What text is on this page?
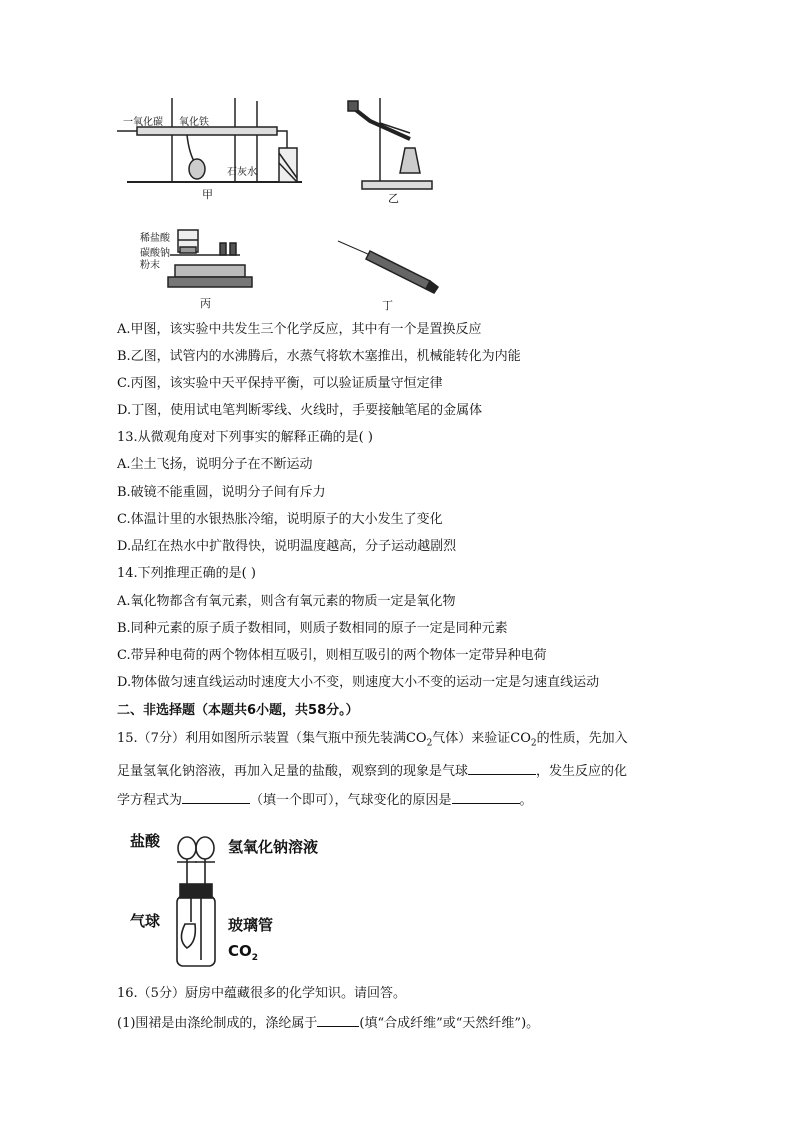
一氧化碳 氧化铁
石灰水
甲	乙
稀盐酸
碳酸钠
粉末
丙	丁
A.甲图，该实验中共发生三个化学反应，其中有一个是置换反应
B.乙图，试管内的水沸腾后，水蒸气将软木塞推出，机械能转化为内能
C.丙图，该实验中天平保持平衡，可以验证质量守恒定律
D.丁图，使用试电笔判断零线、火线时，手要接触笔尾的金属体
13.从微观角度对下列事实的解释正确的是( )
A.尘土飞扬，说明分子在不断运动
B.破镜不能重圆，说明分子间有斥力
C.体温计里的水银热胀冷缩，说明原子的大小发生了变化
D.品红在热水中扩散得快，说明温度越高，分子运动越剧烈
14.下列推理正确的是( )
A.氧化物都含有氧元素，则含有氧元素的物质一定是氧化物
B.同种元素的原子质子数相同，则质子数相同的原子一定是同种元素
C.带异种电荷的两个物体相互吸引，则相互吸引的两个物体一定带异种电荷
D.物体做匀速直线运动时速度大小不变，则速度大小不变的运动一定是匀速直线运动
二、非选择题（本题共6小题，共58分。）
15.（7分）利用如图所示装置（集气瓶中预先装满$CO_2$气体）来验证$CO_2$的性质，先加入
足量氢氧化钠溶液，再加入足量的盐酸，观察到的现象是气球	，发生反应的化
学方程式为	（填一个即可），气球变化的原因是	。
盐酸	氢氧化钠溶液
气球	玻璃管
$CO_2$
16.（5分）厨房中蕴藏很多的化学知识。请回答。
(1)围裙是由涤纶制成的，涤纶属于	(填“合成纤维”或“天然纤维”)。
